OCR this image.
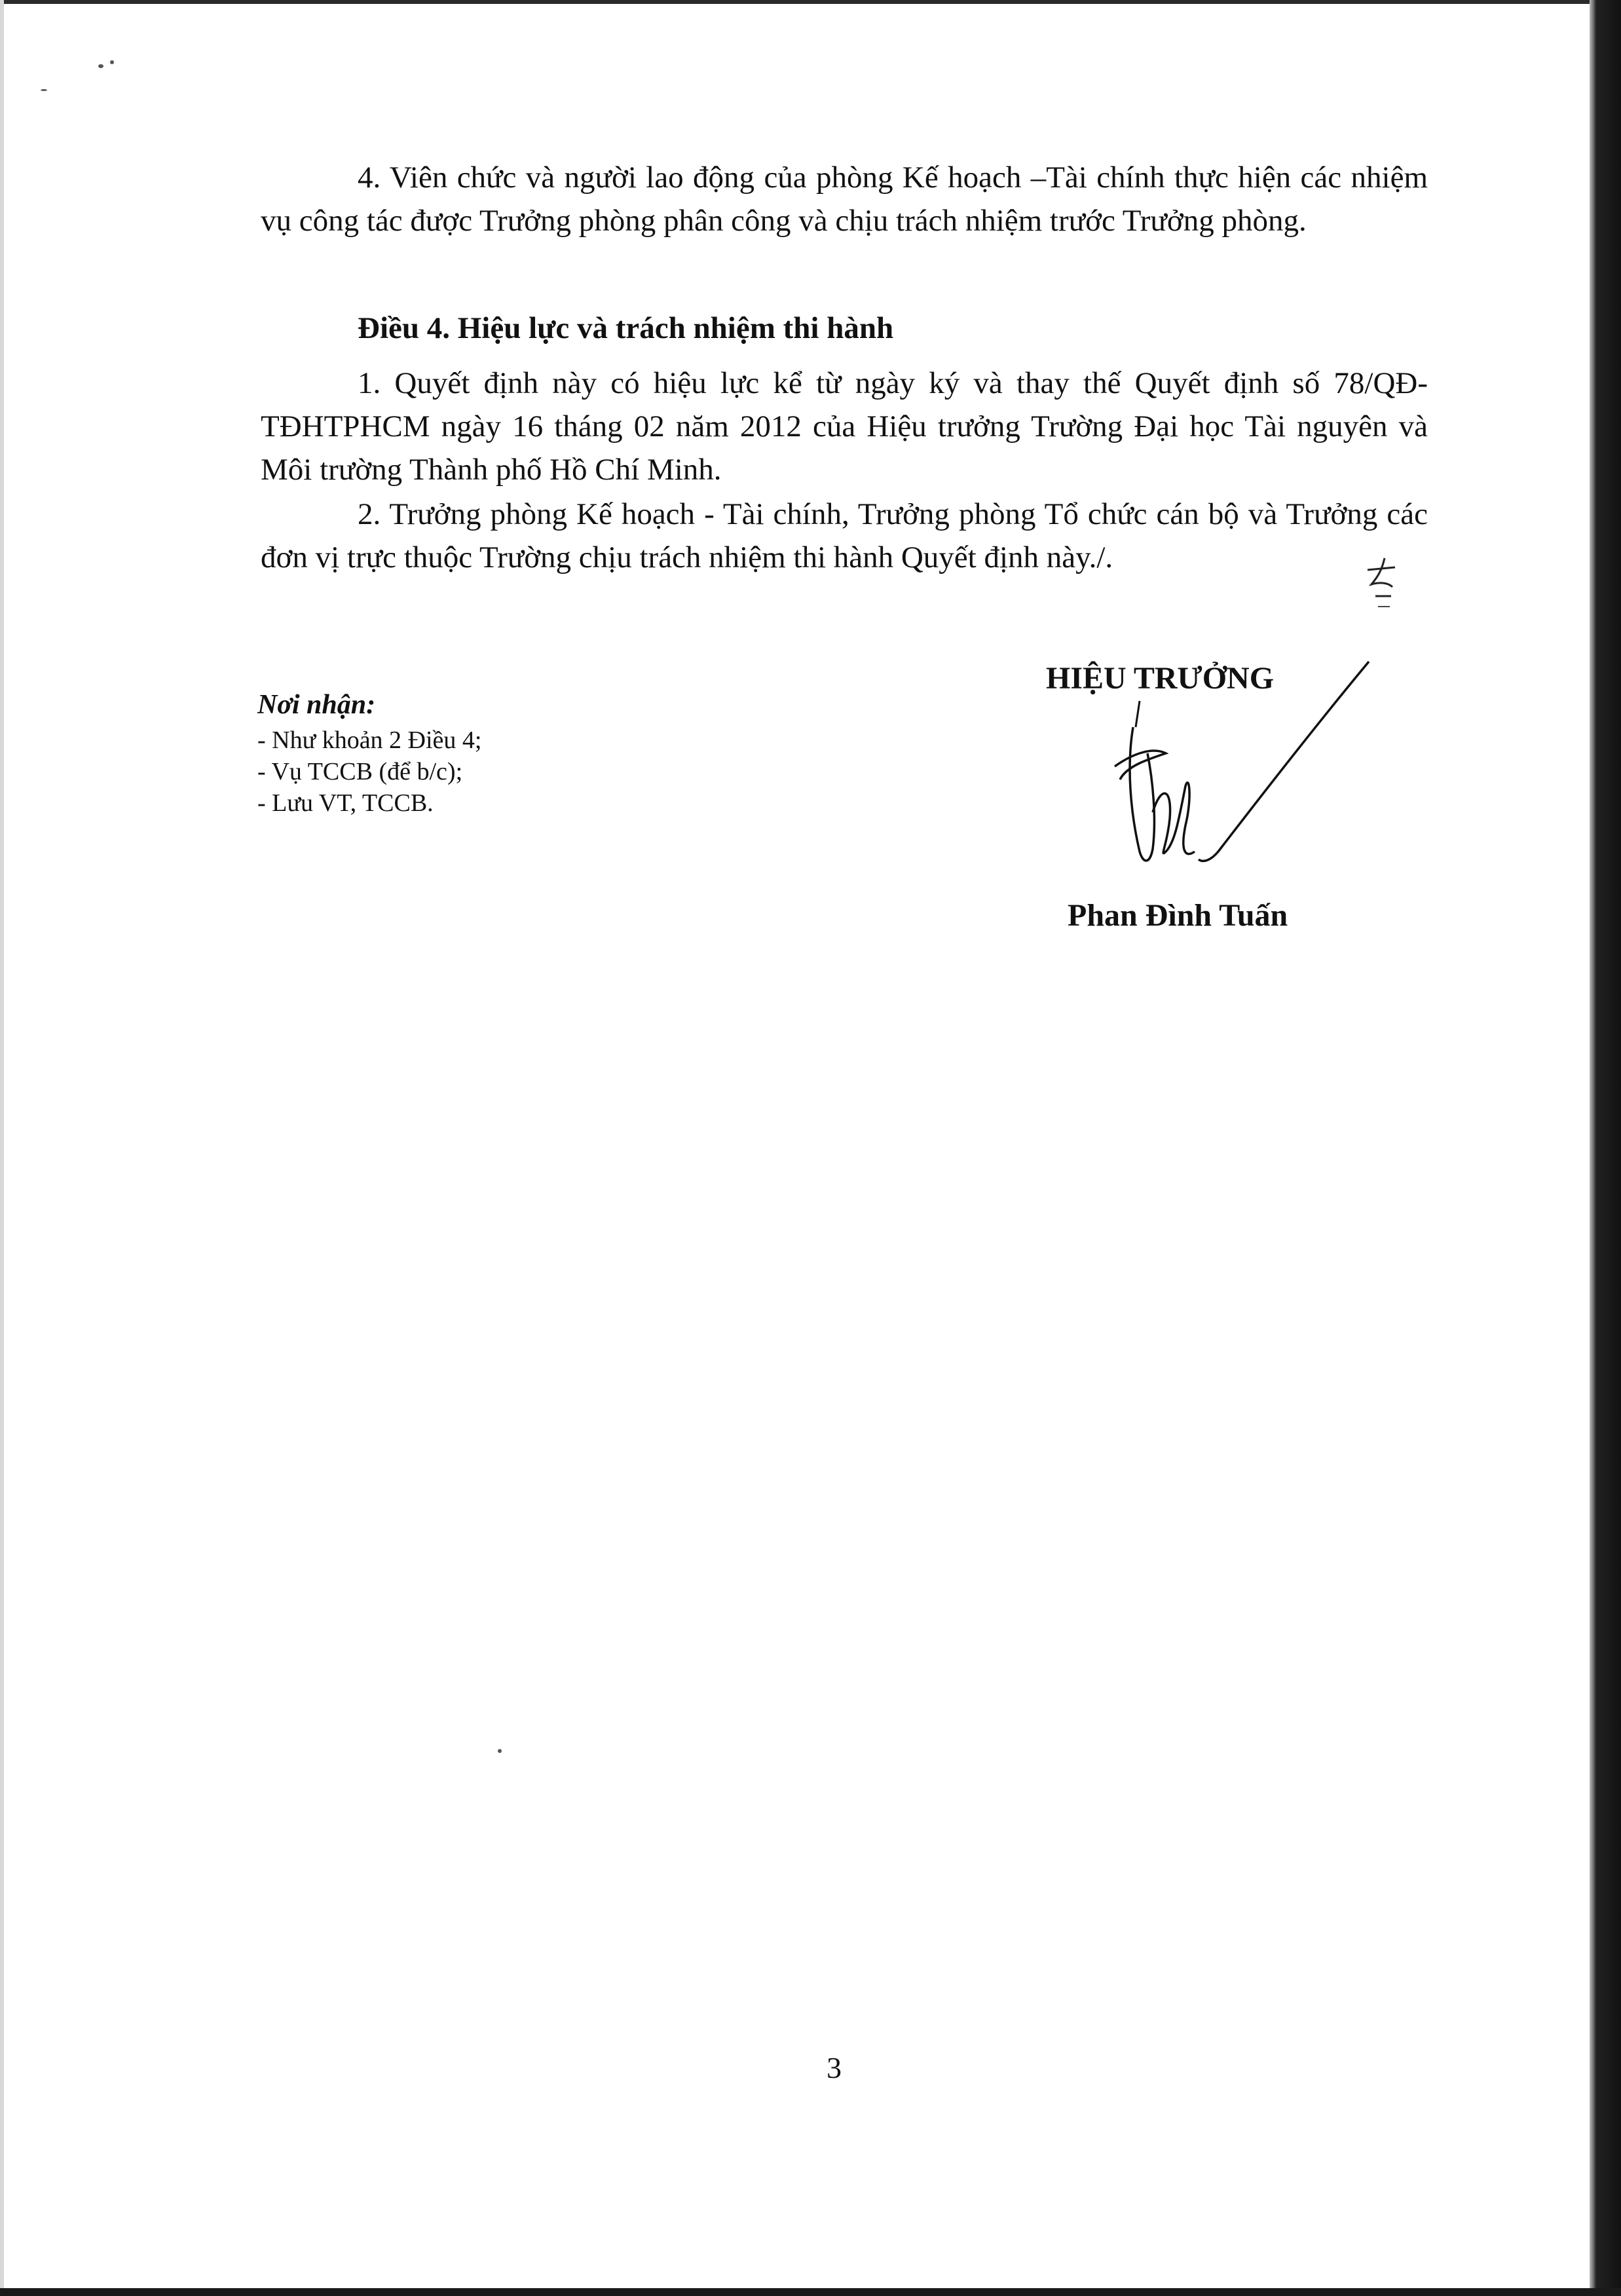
4. Viên chức và người lao động của phòng Kế hoạch –Tài chính thực hiện các nhiệm vụ công tác được Trưởng phòng phân công và chịu trách nhiệm trước Trưởng phòng.

Điều 4. Hiệu lực và trách nhiệm thi hành

1. Quyết định này có hiệu lực kể từ ngày ký và thay thế Quyết định số 78/QĐ-TĐHTPHCM ngày 16 tháng 02 năm 2012 của Hiệu trưởng Trường Đại học Tài nguyên và Môi trường Thành phố Hồ Chí Minh.

2. Trưởng phòng Kế hoạch - Tài chính, Trưởng phòng Tổ chức cán bộ và Trưởng các đơn vị trực thuộc Trường chịu trách nhiệm thi hành Quyết định này./.

Nơi nhận:

- Như khoản 2 Điều 4;
- Vụ TCCB (để b/c);
- Lưu VT, TCCB.

HIỆU TRƯỞNG

Phan Đình Tuấn

3
